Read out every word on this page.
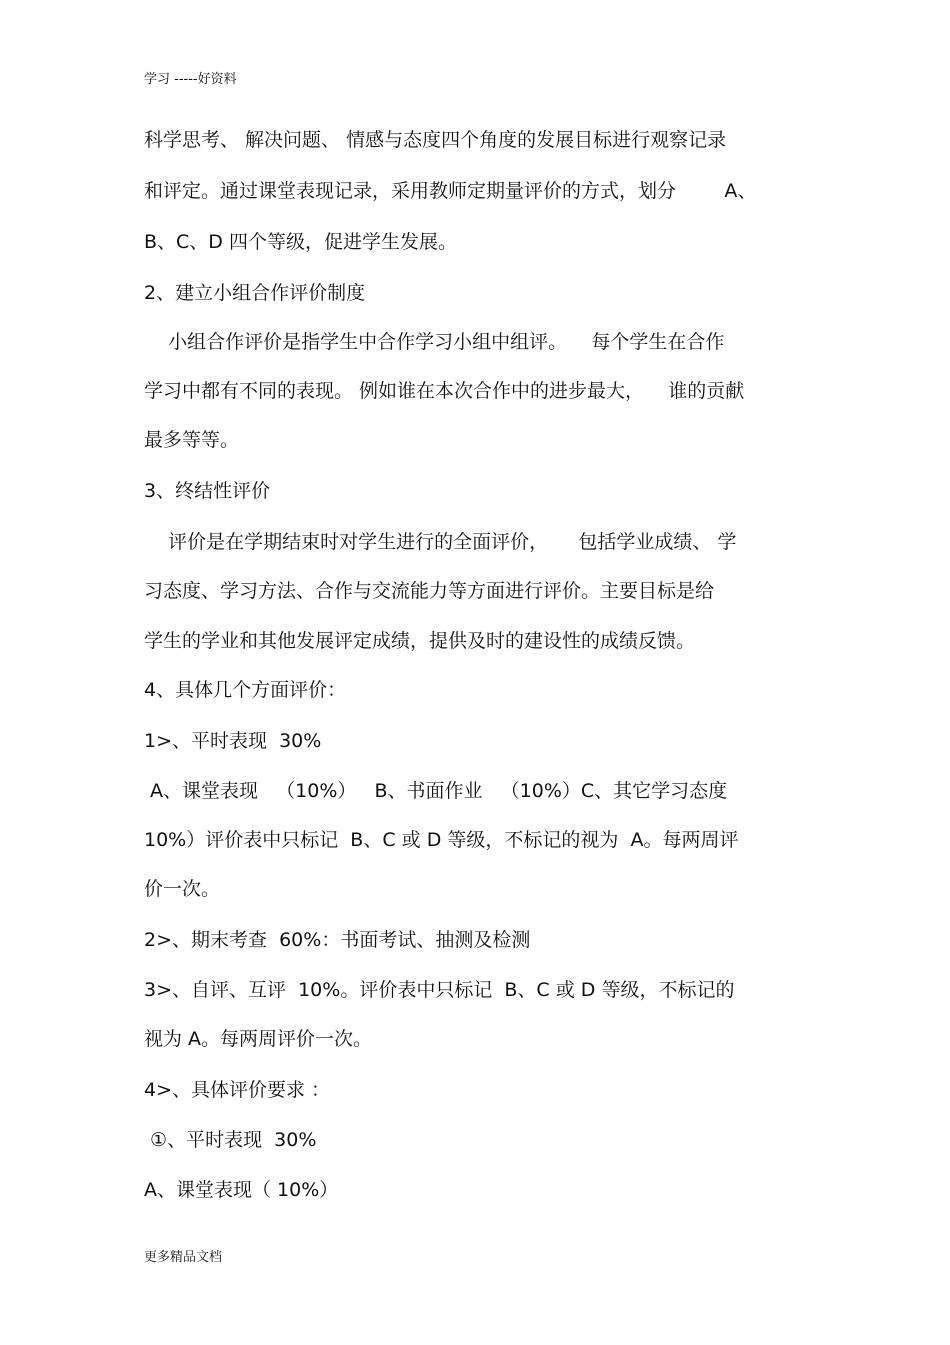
学习 -----好资料
科学思考、 解决问题、 情感与态度四个角度的发展目标进行观察记录
和评定。通过课堂表现记录，采用教师定期量评价的方式，划分        A、
B、C、D 四个等级，促进学生发展。
2、建立小组合作评价制度
小组合作评价是指学生中合作学习小组中组评。    每个学生在合作
学习中都有不同的表现。 例如谁在本次合作中的进步最大，    谁的贡献
最多等等。
3、终结性评价
评价是在学期结束时对学生进行的全面评价，     包括学业成绩、 学
习态度、学习方法、合作与交流能力等方面进行评价。主要目标是给
学生的学业和其他发展评定成绩，提供及时的建设性的成绩反馈。
4、具体几个方面评价：
1>、平时表现  30%
A、课堂表现   （10%）   B、书面作业   （10%）C、其它学习态度
10%）评价表中只标记  B、C 或 D 等级，不标记的视为  A。每两周评
价一次。
2>、期末考查  60%：书面考试、抽测及检测
3>、自评、互评  10%。评价表中只标记  B、C 或 D 等级，不标记的
视为 A。每两周评价一次。
4>、具体评价要求 ：
①、平时表现  30%
A、课堂表现（ 10%）
更多精品文档
